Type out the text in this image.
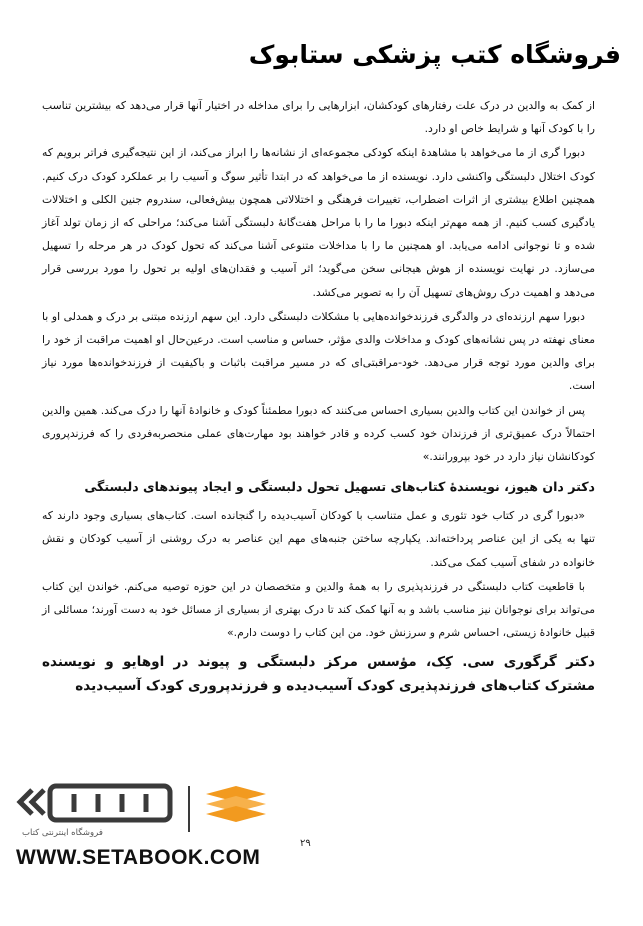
فروشگاه کتب پزشکی ستابوک

از کمک به والدین در درک علت رفتارهای کودکشان، ابزارهایی را برای مداخله در اختیار آنها قرار می‌دهد که بیشترین تناسب را با کودک آنها و شرایط خاص او دارد.

دبورا گری از ما می‌خواهد با مشاهدهٔ اینکه کودکی مجموعه‌ای از نشانه‌ها را ابراز می‌کند، از این نتیجه‌گیری فراتر برویم که کودک اختلال دلبستگی واکنشی دارد. نویسنده از ما می‌خواهد که در ابتدا تأثیر سوگ و آسیب را بر عملکرد کودک درک کنیم. همچنین اطلاع بیشتری از اثرات اضطراب، تغییرات فرهنگی و اختلالاتی همچون بیش‌فعالی، سندروم جنین الکلی و اختلالات یادگیری کسب کنیم. از همه مهم‌تر اینکه دبورا ما را با مراحل هفت‌گانهٔ دلبستگی آشنا می‌کند؛ مراحلی که از زمان تولد آغاز شده و تا نوجوانی ادامه می‌یابد. او همچنین ما را با مداخلات متنوعی آشنا می‌کند که تحول کودک در هر مرحله را تسهیل می‌سازد. در نهایت نویسنده از هوش هیجانی سخن می‌گوید؛ اثر آسیب و فقدان‌های اولیه بر تحول را مورد بررسی قرار می‌دهد و اهمیت درک روش‌های تسهیل آن را به تصویر می‌کشد.

دبورا سهم ارزنده‌ای در والدگری فرزندخوانده‌هایی با مشکلات دلبستگی دارد. این سهم ارزنده مبتنی بر درک و همدلی او با معنای نهفته در پس نشانه‌های کودک و مداخلات والدی مؤثر، حساس و مناسب است. درعین‌حال او اهمیت مراقبت از خود را برای والدین مورد توجه قرار می‌دهد. خود-مراقبتی‌ای که در مسیر مراقبت باثبات و باکیفیت از فرزندخوانده‌ها مورد نیاز است.

پس از خواندن این کتاب والدین بسیاری احساس می‌کنند که دبورا مطمئناً کودک و خانوادهٔ آنها را درک می‌کند. همین والدین احتمالاً درک عمیق‌تری از فرزندان خود کسب کرده و قادر خواهند بود مهارت‌های عملی منحصربه‌فردی را که فرزندپروری کودکانشان نیاز دارد در خود بپرورانند.»

دکتر دان هیوز، نویسندهٔ کتاب‌های تسهیل تحول دلبستگی و ایجاد پیوندهای دلبستگی

«دبورا گری در کتاب خود تئوری و عمل متناسب با کودکان آسیب‌دیده را گنجانده است. کتاب‌های بسیاری وجود دارند که تنها به یکی از این عناصر پرداخته‌اند. یکپارچه ساختن جنبه‌های مهم این عناصر به درک روشنی از آسیب کودکان و نقش خانواده در شفای آسیب کمک می‌کند.

با قاطعیت کتاب دلبستگی در فرزندپذیری را به همهٔ والدین و متخصصان در این حوزه توصیه می‌کنم. خواندن این کتاب می‌تواند برای نوجوانان نیز مناسب باشد و به آنها کمک کند تا درک بهتری از بسیاری از مسائل خود به دست آورند؛ مسائلی از قبیل خانوادهٔ زیستی، احساس شرم و سرزنش خود. من این کتاب را دوست دارم.»

دکتر گرگوری سی. کِک، مؤسس مرکز دلبستگی و پیوند در اوهایو و نویسنده مشترک کتاب‌های فرزندپذیری کودک آسیب‌دیده و فرزندپروری کودک آسیب‌دیده
فروشگاه اینترنتی کتاب
WWW.SETABOOK.COM
۲۹
